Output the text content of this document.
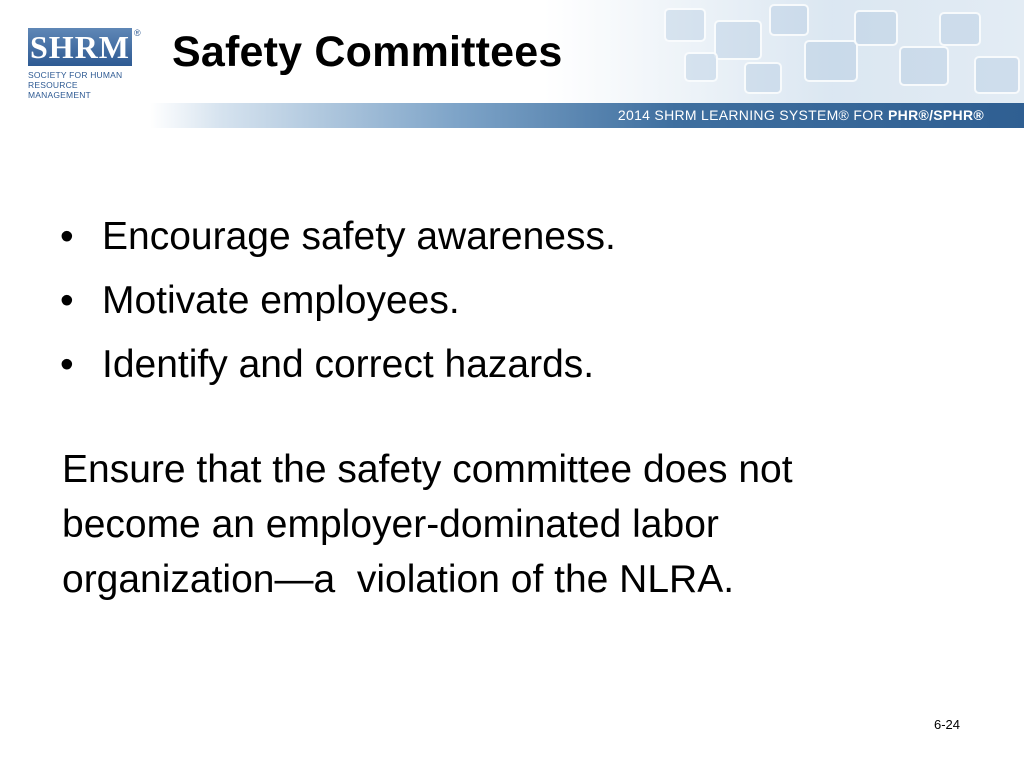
SHRM ®
SOCIETY FOR HUMAN
RESOURCE MANAGEMENT
Safety Committees
2014 SHRM LEARNING SYSTEM® FOR PHR®/SPHR®
• Encourage safety awareness.
• Motivate employees.
• Identify and correct hazards.
Ensure that the safety committee does not
become an employer-dominated labor
organization—a  violation of the NLRA.
6-24
